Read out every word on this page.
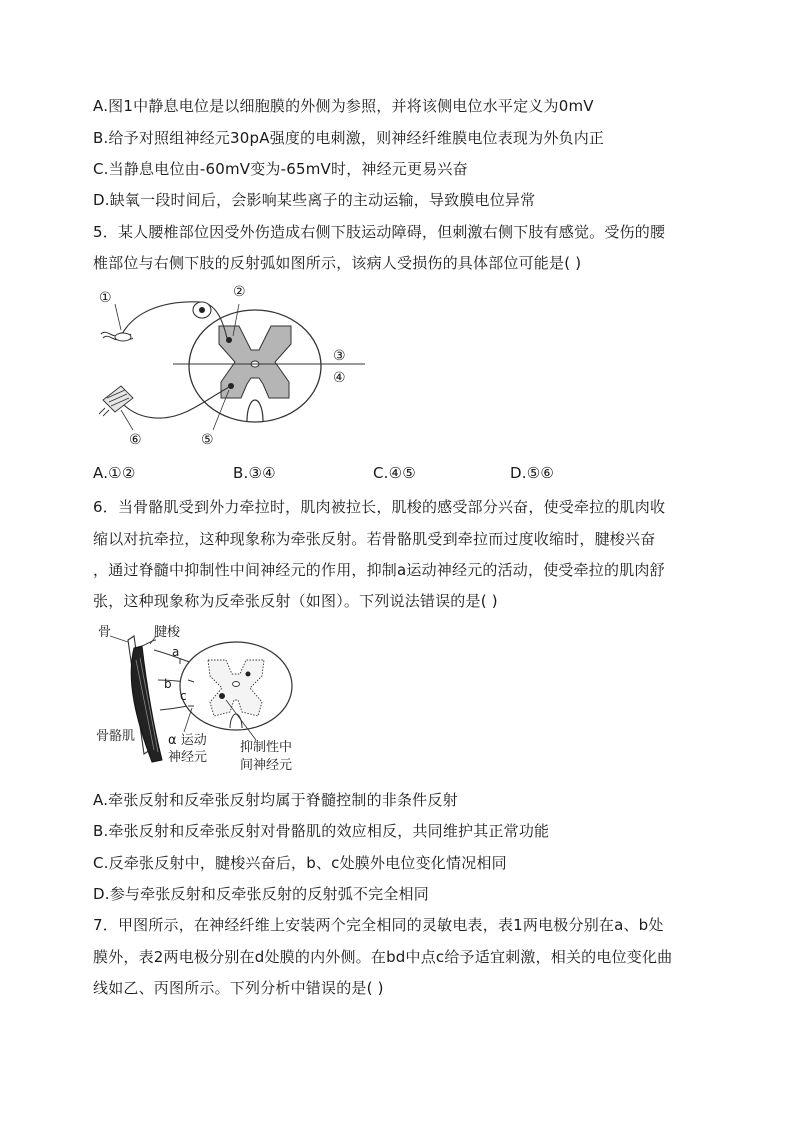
A.图1中静息电位是以细胞膜的外侧为参照，并将该侧电位水平定义为0mV
B.给予对照组神经元30pA强度的电刺激，则神经纤维膜电位表现为外负内正
C.当静息电位由-60mV变为-65mV时，神经元更易兴奋
D.缺氧一段时间后，会影响某些离子的主动运输，导致膜电位异常
5．某人腰椎部位因受外伤造成右侧下肢运动障碍，但刺激右侧下肢有感觉。受伤的腰
椎部位与右侧下肢的反射弧如图所示，该病人受损伤的具体部位可能是( )
①	②
③
④
⑤
⑥
A.①②	B.③④	C.④⑤	D.⑤⑥
6．当骨骼肌受到外力牵拉时，肌肉被拉长，肌梭的感受部分兴奋，使受牵拉的肌肉收
缩以对抗牵拉，这种现象称为牵张反射。若骨骼肌受到牵拉而过度收缩时，腱梭兴奋
，通过脊髓中抑制性中间神经元的作用，抑制a运动神经元的活动，使受牵拉的肌肉舒
张，这种现象称为反牵张反射（如图）。下列说法错误的是( )
骨	腱梭
a
b
c
骨骼肌	α 运动
神经元
抑制性中
间神经元
A.牵张反射和反牵张反射均属于脊髓控制的非条件反射
B.牵张反射和反牵张反射对骨骼肌的效应相反，共同维护其正常功能
C.反牵张反射中，腱梭兴奋后，b、c处膜外电位变化情况相同
D.参与牵张反射和反牵张反射的反射弧不完全相同
7．甲图所示，在神经纤维上安装两个完全相同的灵敏电表，表1两电极分别在a、b处
膜外，表2两电极分别在d处膜的内外侧。在bd中点c给予适宜刺激，相关的电位变化曲
线如乙、丙图所示。下列分析中错误的是( )
